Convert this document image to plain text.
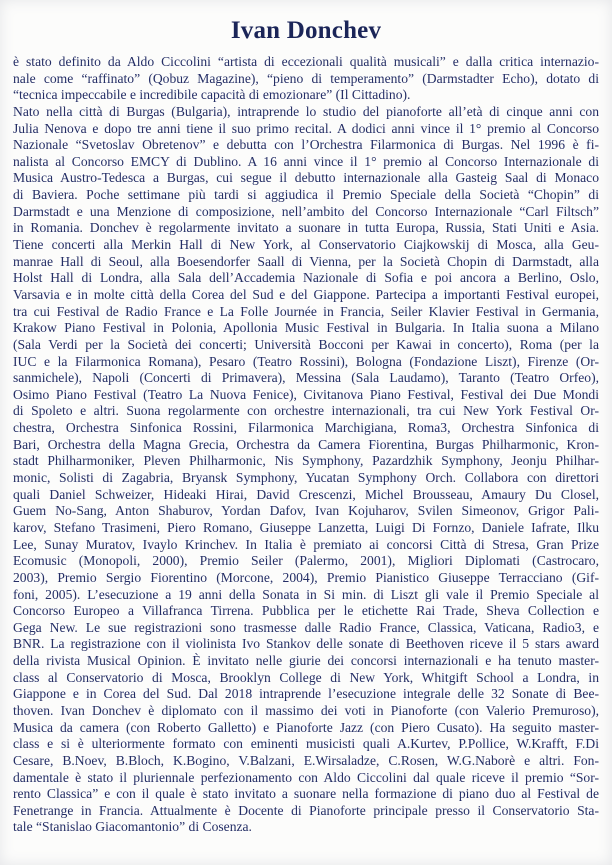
Ivan Donchev
è stato definito da Aldo Ciccolini “artista di eccezionali qualità musicali” e dalla critica internazio-
nale come “raffinato” (Qobuz Magazine), “pieno di temperamento” (Darmstadter Echo), dotato di
“tecnica impeccabile e incredibile capacità di emozionare” (Il Cittadino).
Nato nella città di Burgas (Bulgaria), intraprende lo studio del pianoforte all’età di cinque anni con
Julia Nenova e dopo tre anni tiene il suo primo recital. A dodici anni vince il 1° premio al Concorso
Nazionale “Svetoslav Obretenov” e debutta con l’Orchestra Filarmonica di Burgas. Nel 1996 è fi-
nalista al Concorso EMCY di Dublino. A 16 anni vince il 1° premio al Concorso Internazionale di
Musica Austro-Tedesca a Burgas, cui segue il debutto internazionale alla Gasteig Saal di Monaco
di Baviera. Poche settimane più tardi si aggiudica il Premio Speciale della Società “Chopin” di
Darmstadt e una Menzione di composizione, nell’ambito del Concorso Internazionale “Carl Filtsch”
in Romania. Donchev è regolarmente invitato a suonare in tutta Europa, Russia, Stati Uniti e Asia.
Tiene concerti alla Merkin Hall di New York, al Conservatorio Ciajkowskij di Mosca, alla Geu-
manrae Hall di Seoul, alla Boesendorfer Saall di Vienna, per la Società Chopin di Darmstadt, alla
Holst Hall di Londra, alla Sala dell’Accademia Nazionale di Sofia e poi ancora a Berlino, Oslo,
Varsavia e in molte città della Corea del Sud e del Giappone. Partecipa a importanti Festival europei,
tra cui Festival de Radio France e La Folle Journée in Francia, Seiler Klavier Festival in Germania,
Krakow Piano Festival in Polonia, Apollonia Music Festival in Bulgaria. In Italia suona a Milano
(Sala Verdi per la Società dei concerti; Università Bocconi per Kawai in concerto), Roma (per la
IUC e la Filarmonica Romana), Pesaro (Teatro Rossini), Bologna (Fondazione Liszt), Firenze (Or-
sanmichele), Napoli (Concerti di Primavera), Messina (Sala Laudamo), Taranto (Teatro Orfeo),
Osimo Piano Festival (Teatro La Nuova Fenice), Civitanova Piano Festival, Festival dei Due Mondi
di Spoleto e altri. Suona regolarmente con orchestre internazionali, tra cui New York Festival Or-
chestra, Orchestra Sinfonica Rossini, Filarmonica Marchigiana, Roma3, Orchestra Sinfonica di
Bari, Orchestra della Magna Grecia, Orchestra da Camera Fiorentina, Burgas Philharmonic, Kron-
stadt Philharmoniker, Pleven Philharmonic, Nis Symphony, Pazardzhik Symphony, Jeonju Philhar-
monic, Solisti di Zagabria, Bryansk Symphony, Yucatan Symphony Orch. Collabora con direttori
quali Daniel Schweizer, Hideaki Hirai, David Crescenzi, Michel Brousseau, Amaury Du Closel,
Guem No-Sang, Anton Shaburov, Yordan Dafov, Ivan Kojuharov, Svilen Simeonov, Grigor Pali-
karov, Stefano Trasimeni, Piero Romano, Giuseppe Lanzetta, Luigi Di Fornzo, Daniele Iafrate, Ilku
Lee, Sunay Muratov, Ivaylo Krinchev. In Italia è premiato ai concorsi Città di Stresa, Gran Prize
Ecomusic (Monopoli, 2000), Premio Seiler (Palermo, 2001), Migliori Diplomati (Castrocaro,
2003), Premio Sergio Fiorentino (Morcone, 2004), Premio Pianistico Giuseppe Terracciano (Gif-
foni, 2005). L’esecuzione a 19 anni della Sonata in Si min. di Liszt gli vale il Premio Speciale al
Concorso Europeo a Villafranca Tirrena. Pubblica per le etichette Rai Trade, Sheva Collection e
Gega New. Le sue registrazioni sono trasmesse dalle Radio France, Classica, Vaticana, Radio3, e
BNR. La registrazione con il violinista Ivo Stankov delle sonate di Beethoven riceve il 5 stars award
della rivista Musical Opinion. È invitato nelle giurie dei concorsi internazionali e ha tenuto master-
class al Conservatorio di Mosca, Brooklyn College di New York, Whitgift School a Londra, in
Giappone e in Corea del Sud. Dal 2018 intraprende l’esecuzione integrale delle 32 Sonate di Bee-
thoven. Ivan Donchev è diplomato con il massimo dei voti in Pianoforte (con Valerio Premuroso),
Musica da camera (con Roberto Galletto) e Pianoforte Jazz (con Piero Cusato). Ha seguito master-
class e si è ulteriormente formato con eminenti musicisti quali A.Kurtev, P.Pollice, W.Krafft, F.Di
Cesare, B.Noev, B.Bloch, K.Bogino, V.Balzani, E.Wirsaladze, C.Rosen, W.G.Naborè e altri. Fon-
damentale è stato il pluriennale perfezionamento con Aldo Ciccolini dal quale riceve il premio “Sor-
rento Classica” e con il quale è stato invitato a suonare nella formazione di piano duo al Festival de
Fenetrange in Francia. Attualmente è Docente di Pianoforte principale presso il Conservatorio Sta-
tale “Stanislao Giacomantonio” di Cosenza.
